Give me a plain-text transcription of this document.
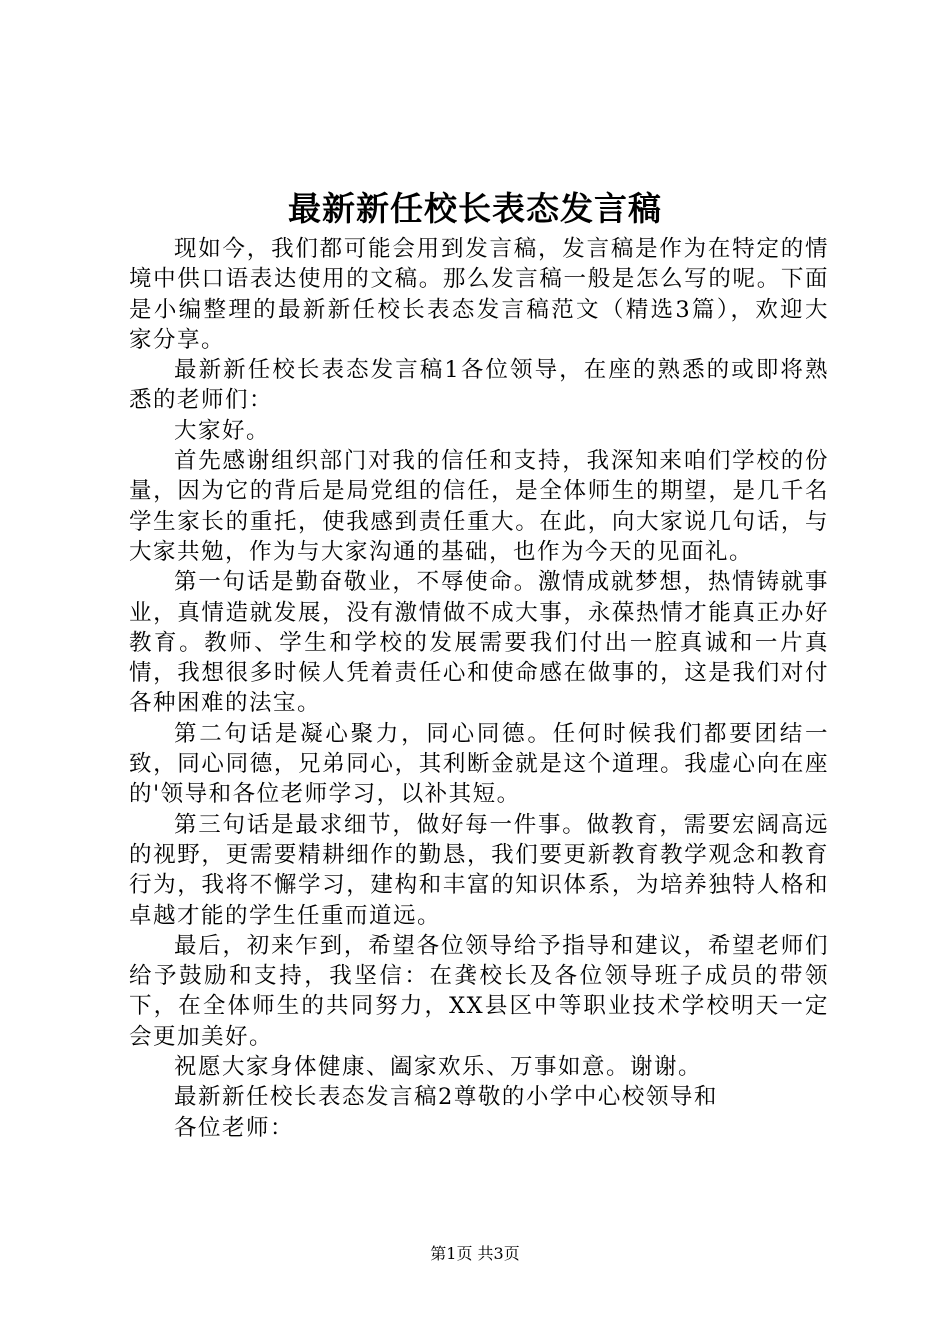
最新新任校长表态发言稿

现如今，我们都可能会用到发言稿，发言稿是作为在特定的情境中供口语表达使用的文稿。那么发言稿一般是怎么写的呢。下面是小编整理的最新新任校长表态发言稿范文（精选3篇），欢迎大家分享。

最新新任校长表态发言稿1各位领导，在座的熟悉的或即将熟悉的老师们：

大家好。

首先感谢组织部门对我的信任和支持，我深知来咱们学校的份量，因为它的背后是局党组的信任，是全体师生的期望，是几千名学生家长的重托，使我感到责任重大。在此，向大家说几句话，与大家共勉，作为与大家沟通的基础，也作为今天的见面礼。

第一句话是勤奋敬业，不辱使命。激情成就梦想，热情铸就事业，真情造就发展，没有激情做不成大事，永葆热情才能真正办好教育。教师、学生和学校的发展需要我们付出一腔真诚和一片真情，我想很多时候人凭着责任心和使命感在做事的，这是我们对付各种困难的法宝。

第二句话是凝心聚力，同心同德。任何时候我们都要团结一致，同心同德，兄弟同心，其利断金就是这个道理。我虚心向在座的'领导和各位老师学习，以补其短。

第三句话是最求细节，做好每一件事。做教育，需要宏阔高远的视野，更需要精耕细作的勤恳，我们要更新教育教学观念和教育行为，我将不懈学习，建构和丰富的知识体系，为培养独特人格和卓越才能的学生任重而道远。

最后，初来乍到，希望各位领导给予指导和建议，希望老师们给予鼓励和支持，我坚信：在龚校长及各位领导班子成员的带领下，在全体师生的共同努力，XX县区中等职业技术学校明天一定会更加美好。

祝愿大家身体健康、阖家欢乐、万事如意。谢谢。

最新新任校长表态发言稿2尊敬的小学中心校领导和

各位老师：

第1页 共3页
